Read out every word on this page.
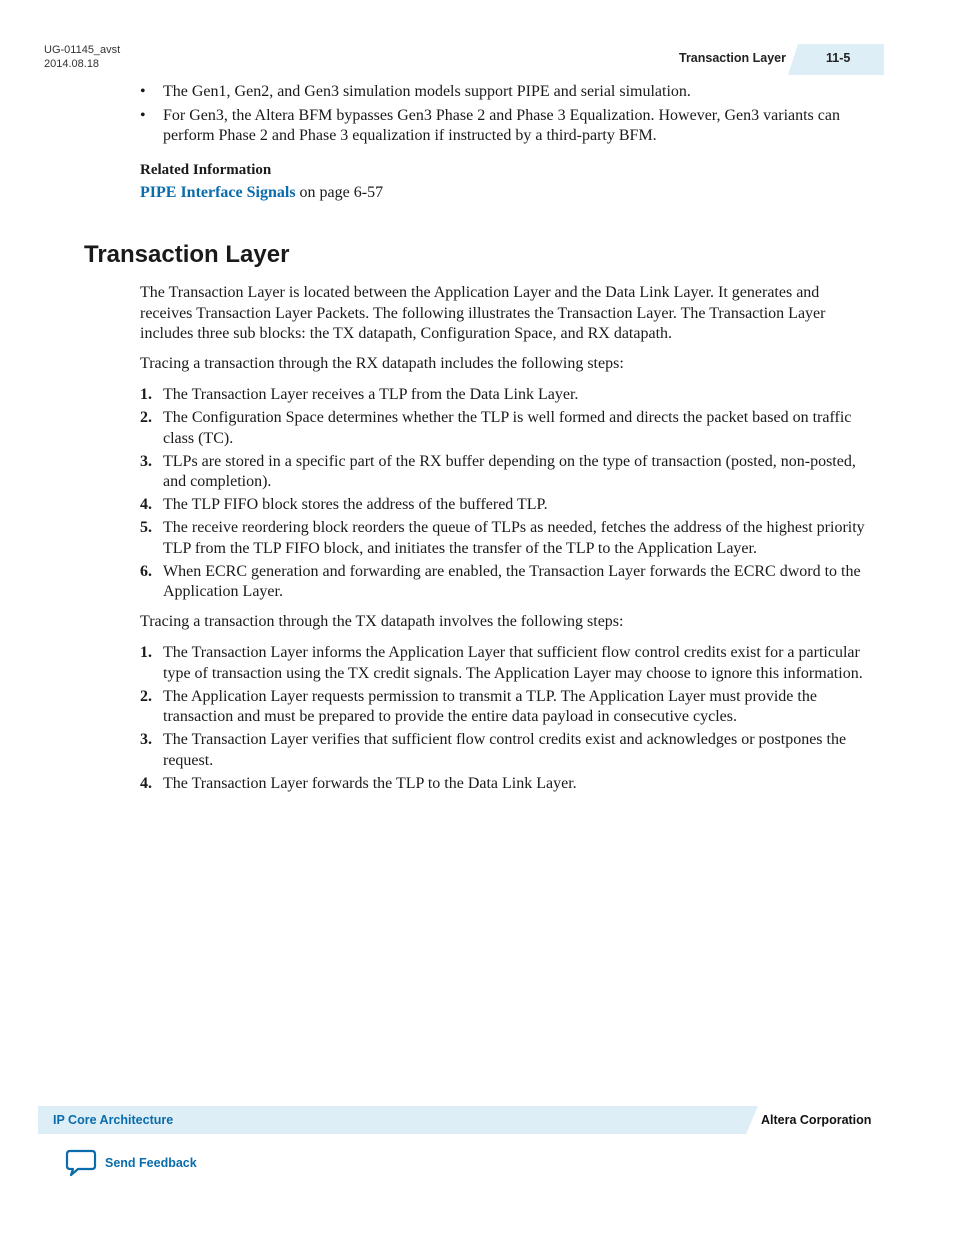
UG-01145_avst
2014.08.18	Transaction Layer	11-5
• The Gen1, Gen2, and Gen3 simulation models support PIPE and serial simulation.
• For Gen3, the Altera BFM bypasses Gen3 Phase 2 and Phase 3 Equalization. However, Gen3 variants can perform Phase 2 and Phase 3 equalization if instructed by a third-party BFM.
Related Information
PIPE Interface Signals on page 6-57
Transaction Layer
The Transaction Layer is located between the Application Layer and the Data Link Layer. It generates and receives Transaction Layer Packets. The following illustrates the Transaction Layer. The Transaction Layer includes three sub blocks: the TX datapath, Configuration Space, and RX datapath.
Tracing a transaction through the RX datapath includes the following steps:
1. The Transaction Layer receives a TLP from the Data Link Layer.
2. The Configuration Space determines whether the TLP is well formed and directs the packet based on traffic class (TC).
3. TLPs are stored in a specific part of the RX buffer depending on the type of transaction (posted, non-posted, and completion).
4. The TLP FIFO block stores the address of the buffered TLP.
5. The receive reordering block reorders the queue of TLPs as needed, fetches the address of the highest priority TLP from the TLP FIFO block, and initiates the transfer of the TLP to the Application Layer.
6. When ECRC generation and forwarding are enabled, the Transaction Layer forwards the ECRC dword to the Application Layer.
Tracing a transaction through the TX datapath involves the following steps:
1. The Transaction Layer informs the Application Layer that sufficient flow control credits exist for a particular type of transaction using the TX credit signals. The Application Layer may choose to ignore this information.
2. The Application Layer requests permission to transmit a TLP. The Application Layer must provide the transaction and must be prepared to provide the entire data payload in consecutive cycles.
3. The Transaction Layer verifies that sufficient flow control credits exist and acknowledges or postpones the request.
4. The Transaction Layer forwards the TLP to the Data Link Layer.
IP Core Architecture	Altera Corporation
Send Feedback
